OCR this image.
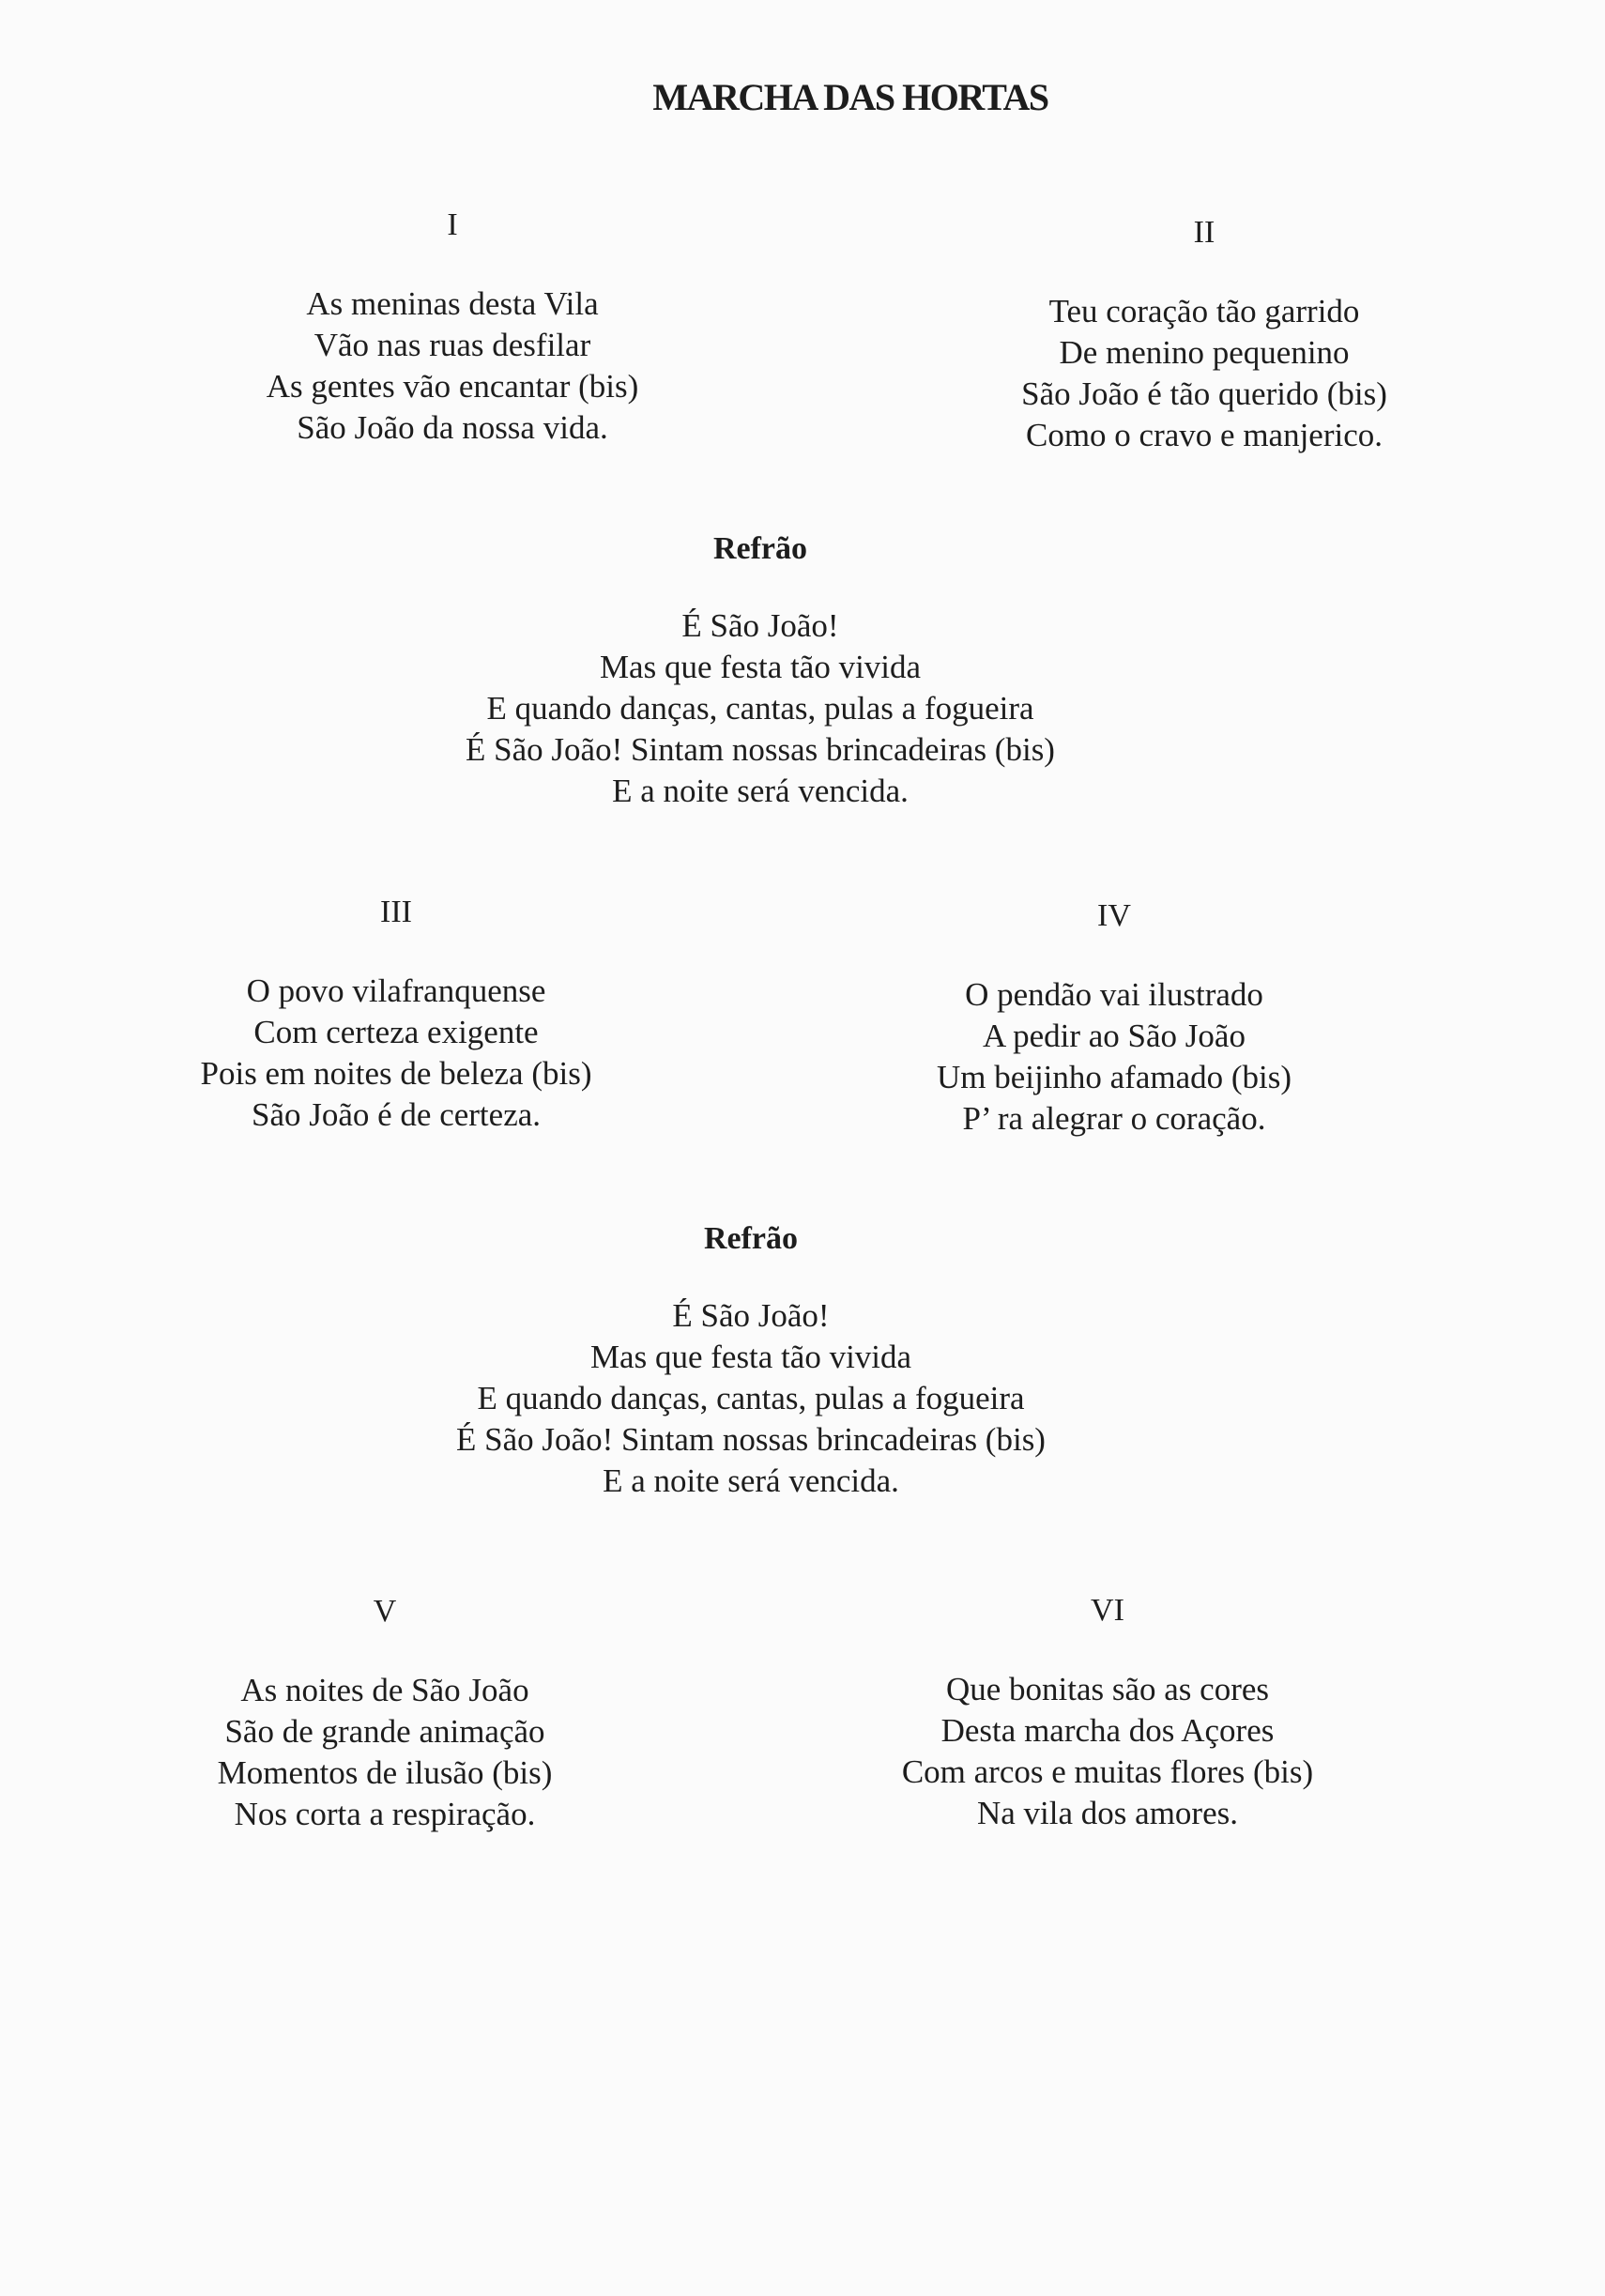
MARCHA DAS HORTAS
I
As meninas desta Vila
Vão nas ruas desfilar
As gentes vão encantar (bis)
São João da nossa vida.
II
Teu coração tão garrido
De menino pequenino
São João é tão querido (bis)
Como o cravo e manjerico.
Refrão
É São João!
Mas que festa tão vivida
E quando danças, cantas, pulas a fogueira
É São João! Sintam nossas brincadeiras (bis)
E a noite será vencida.
III
O povo vilafranquense
Com certeza exigente
Pois em noites de beleza (bis)
São João é de certeza.
IV
O pendão vai ilustrado
A pedir ao São João
Um beijinho afamado (bis)
P’ ra alegrar o coração.
Refrão
É São João!
Mas que festa tão vivida
E quando danças, cantas, pulas a fogueira
É São João! Sintam nossas brincadeiras (bis)
E a noite será vencida.
V
As noites de São João
São de grande animação
Momentos de ilusão (bis)
Nos corta a respiração.
VI
Que bonitas são as cores
Desta marcha dos Açores
Com arcos e muitas flores (bis)
Na vila dos amores.
